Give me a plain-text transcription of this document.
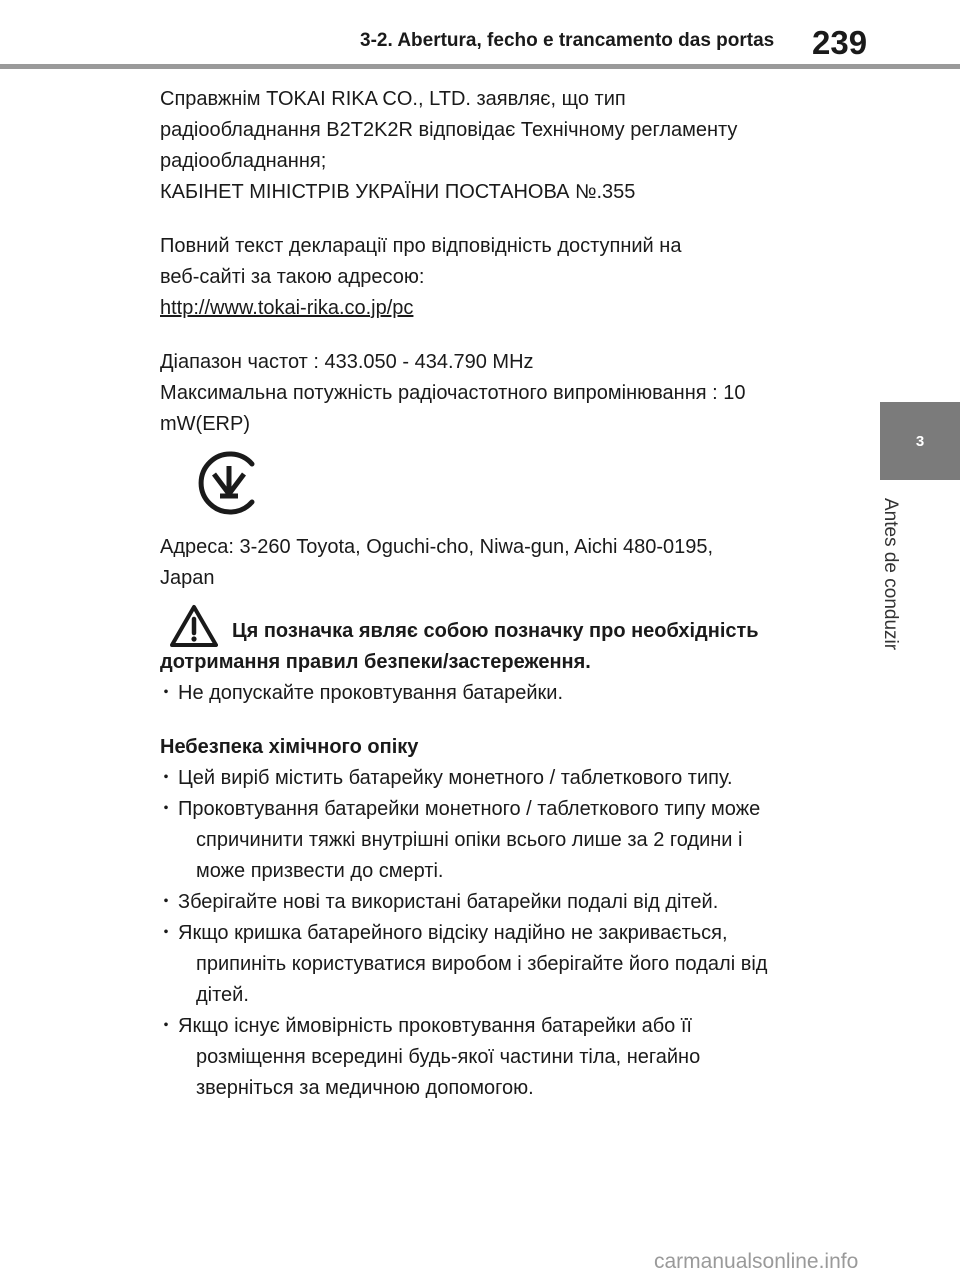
3-2. Abertura, fecho e trancamento das portas 239
3
Antes de conduzir

Справжнім TOKAI RIKA CO., LTD. заявляє, що тип

радіообладнання B2T2K2R відповідає Технічному регламенту

радіообладнання;

КАБІНЕТ МІНІСТРІВ УКРАЇНИ ПОСТАНОВА №.355

Повний текст декларації про відповідність доступний на

веб-сайті за такою адресою:

http://www.tokai-rika.co.jp/pc

Діапазон частот : 433.050 - 434.790 MHz

Максимальна потужність радіочастотного випромінювання : 10

mW(ERP)

Адреса: 3-260 Toyota, Oguchi-cho, Niwa-gun, Aichi 480-0195,

Japan

Ця позначка являє собою позначку про необхідність

дотримання правил безпеки/застереження.

・ Не допускайте проковтування батарейки.

Небезпека хімічного опіку

・ Цей виріб містить батарейку монетного / таблеткового типу.

・ Проковтування батарейки монетного / таблеткового типу може

спричинити тяжкі внутрішні опіки всього лише за 2 години і

може призвести до смерті.

・ Зберігайте нові та використані батарейки подалі від дітей.

・ Якщо кришка батарейного відсіку надійно не закривається,

припиніть користуватися виробом і зберігайте його подалі від

дітей.

・ Якщо існує ймовірність проковтування батарейки або її

розміщення всередині будь-якої частини тіла, негайно

зверніться за медичною допомогою.

carmanualsonline.info
